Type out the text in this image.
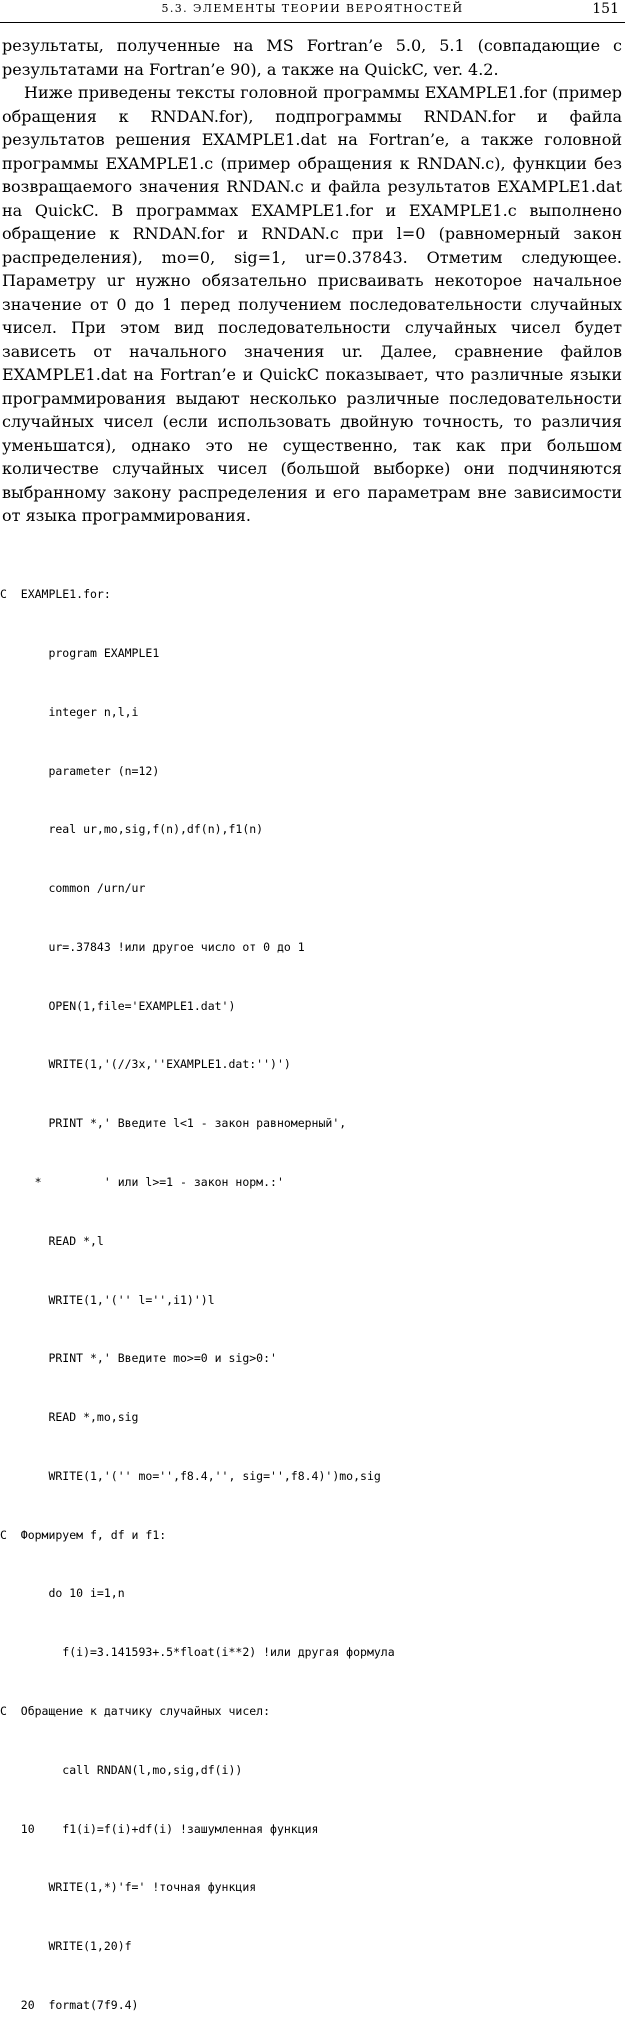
5.3. ЭЛЕМЕНТЫ ТЕОРИИ ВЕРОЯТНОСТЕЙ	151

результаты, полученные на MS Fortran’e 5.0, 5.1 (совпадающие с результатами на Fortran’e 90), а также на QuickC, ver. 4.2.

Ниже приведены тексты головной программы EXAMPLE1.for (пример обращения к RNDAN.for), подпрограммы RNDAN.for и файла результатов решения EXAMPLE1.dat на Fortran’e, а также головной программы EXAMPLE1.c (пример обращения к RNDAN.c), функции без возвращаемого значения RNDAN.c и файла результатов EXAMPLE1.dat на QuickC. В программах EXAMPLE1.for и EXAMPLE1.c выполнено обращение к RNDAN.for и RNDAN.c при l=0 (равномерный закон распределения), mo=0, sig=1, ur=0.37843. Отметим следующее. Параметру ur нужно обязательно присваивать некоторое начальное значение от 0 до 1 перед получением последовательности случайных чисел. При этом вид последовательности случайных чисел будет зависеть от начального значения ur. Далее, сравнение файлов EXAMPLE1.dat на Fortran’e и QuickC показывает, что различные языки программирования выдают несколько различные последовательности случайных чисел (если использовать двойную точность, то различия уменьшатся), однако это не существенно, так как при большом количестве случайных чисел (большой выборке) они подчиняются выбранному закону распределения и его параметрам вне зависимости от языка программирования.

C  EXAMPLE1.for:

program EXAMPLE1

integer n,l,i

parameter (n=12)

real ur,mo,sig,f(n),df(n),f1(n)

common /urn/ur

ur=.37843 !или другое число от 0 до 1

OPEN(1,file='EXAMPLE1.dat')

WRITE(1,'(//3x,''EXAMPLE1.dat:'')')

PRINT *,' Введите l<1 - закон равномерный',

*         ' или l>=1 - закон норм.:'

READ *,l

WRITE(1,'('' l='',i1)')l

PRINT *,' Введите mo>=0 и sig>0:'

READ *,mo,sig

WRITE(1,'('' mo='',f8.4,'', sig='',f8.4)')mo,sig

C  Формируем f, df и f1:

do 10 i=1,n

f(i)=3.141593+.5*float(i**2) !или другая формула

C  Обращение к датчику случайных чисел:

call RNDAN(l,mo,sig,df(i))

10    f1(i)=f(i)+df(i) !зашумленная функция

WRITE(1,*)'f=' !точная функция

WRITE(1,20)f

20  format(7f9.4)
